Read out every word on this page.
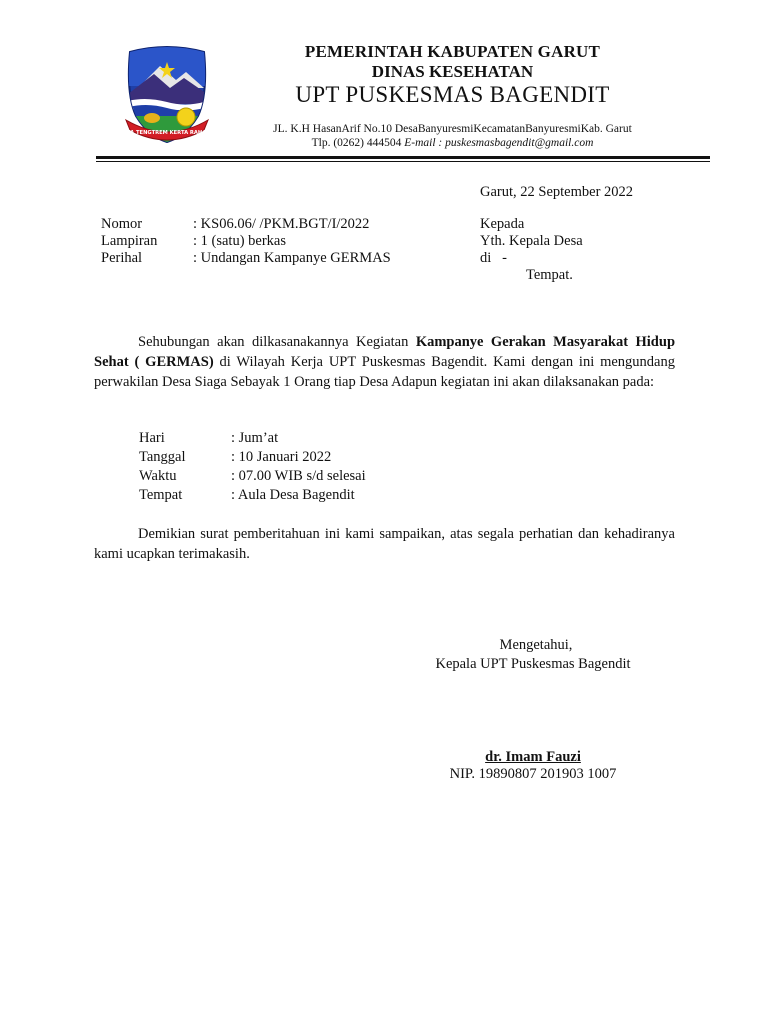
TATA TENGTREM KERTA RAHAYU
PEMERINTAH KABUPATEN GARUT
DINAS KESEHATAN
UPT PUSKESMAS BAGENDIT
JL. K.H HasanArif No.10 DesaBanyuresmiKecamatanBanyuresmiKab. Garut
Tlp. (0262) 444504 E-mail : puskesmasbagendit@gmail.com
Garut, 22 September 2022
Nomor	: KS06.06/ /PKM.BGT/I/2022
Lampiran : 1 (satu) berkas
Perihal	: Undangan Kampanye GERMAS
Kepada
Yth. Kepala Desa
di   -
Tempat.
Sehubungan akan dilkasanakannya Kegiatan Kampanye Gerakan Masyarakat Hidup Sehat ( GERMAS) di Wilayah Kerja UPT Puskesmas Bagendit. Kami dengan ini mengundang perwakilan Desa Siaga Sebayak 1 Orang tiap Desa Adapun kegiatan ini akan dilaksanakan pada:
Hari	: Jum’at
Tanggal	: 10 Januari 2022
Waktu	: 07.00 WIB s/d selesai
Tempat	: Aula Desa Bagendit
Demikian surat pemberitahuan ini kami sampaikan, atas segala perhatian dan kehadiranya kami ucapkan terimakasih.
Mengetahui,
Kepala UPT Puskesmas Bagendit
dr. Imam Fauzi
NIP. 19890807 201903 1007
